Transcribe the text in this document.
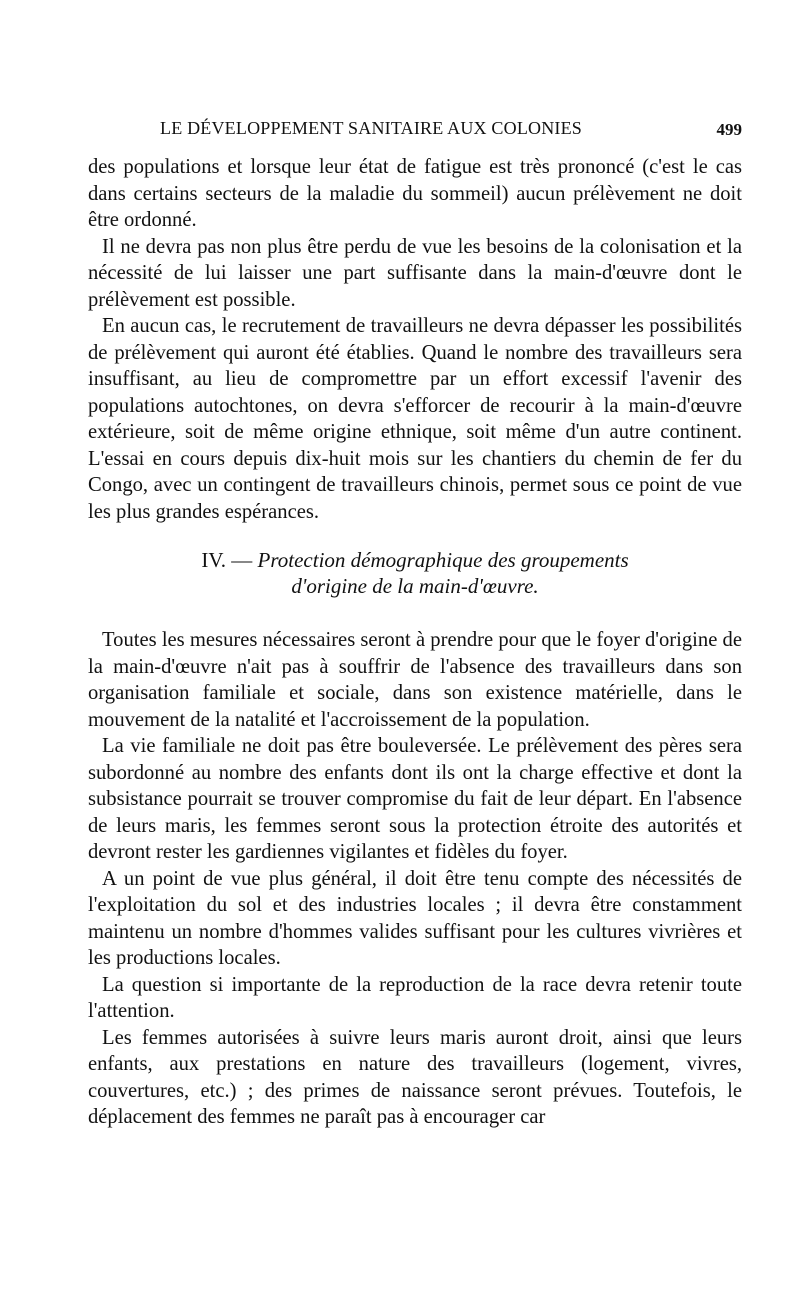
LE DÉVELOPPEMENT SANITAIRE AUX COLONIES	499

des populations et lorsque leur état de fatigue est très prononcé (c'est le cas dans certains secteurs de la maladie du sommeil) aucun prélèvement ne doit être ordonné.

Il ne devra pas non plus être perdu de vue les besoins de la colonisation et la nécessité de lui laisser une part suffisante dans la main-d'œuvre dont le prélèvement est possible.

En aucun cas, le recrutement de travailleurs ne devra dépasser les possibilités de prélèvement qui auront été établies. Quand le nombre des travailleurs sera insuffisant, au lieu de compromettre par un effort excessif l'avenir des populations autochtones, on devra s'efforcer de recourir à la main-d'œuvre extérieure, soit de même origine ethnique, soit même d'un autre continent. L'essai en cours depuis dix-huit mois sur les chantiers du chemin de fer du Congo, avec un contingent de travailleurs chinois, permet sous ce point de vue les plus grandes espérances.

IV. — Protection démographique des groupements
d'origine de la main-d'œuvre.

Toutes les mesures nécessaires seront à prendre pour que le foyer d'origine de la main-d'œuvre n'ait pas à souffrir de l'absence des travailleurs dans son organisation familiale et sociale, dans son existence matérielle, dans le mouvement de la natalité et l'accroissement de la population.

La vie familiale ne doit pas être bouleversée. Le prélèvement des pères sera subordonné au nombre des enfants dont ils ont la charge effective et dont la subsistance pourrait se trouver compromise du fait de leur départ. En l'absence de leurs maris, les femmes seront sous la protection étroite des autorités et devront rester les gardiennes vigilantes et fidèles du foyer.

A un point de vue plus général, il doit être tenu compte des nécessités de l'exploitation du sol et des industries locales ; il devra être constamment maintenu un nombre d'hommes valides suffisant pour les cultures vivrières et les productions locales.

La question si importante de la reproduction de la race devra retenir toute l'attention.

Les femmes autorisées à suivre leurs maris auront droit, ainsi que leurs enfants, aux prestations en nature des travailleurs (logement, vivres, couvertures, etc.) ; des primes de naissance seront prévues. Toutefois, le déplacement des femmes ne paraît pas à encourager car
